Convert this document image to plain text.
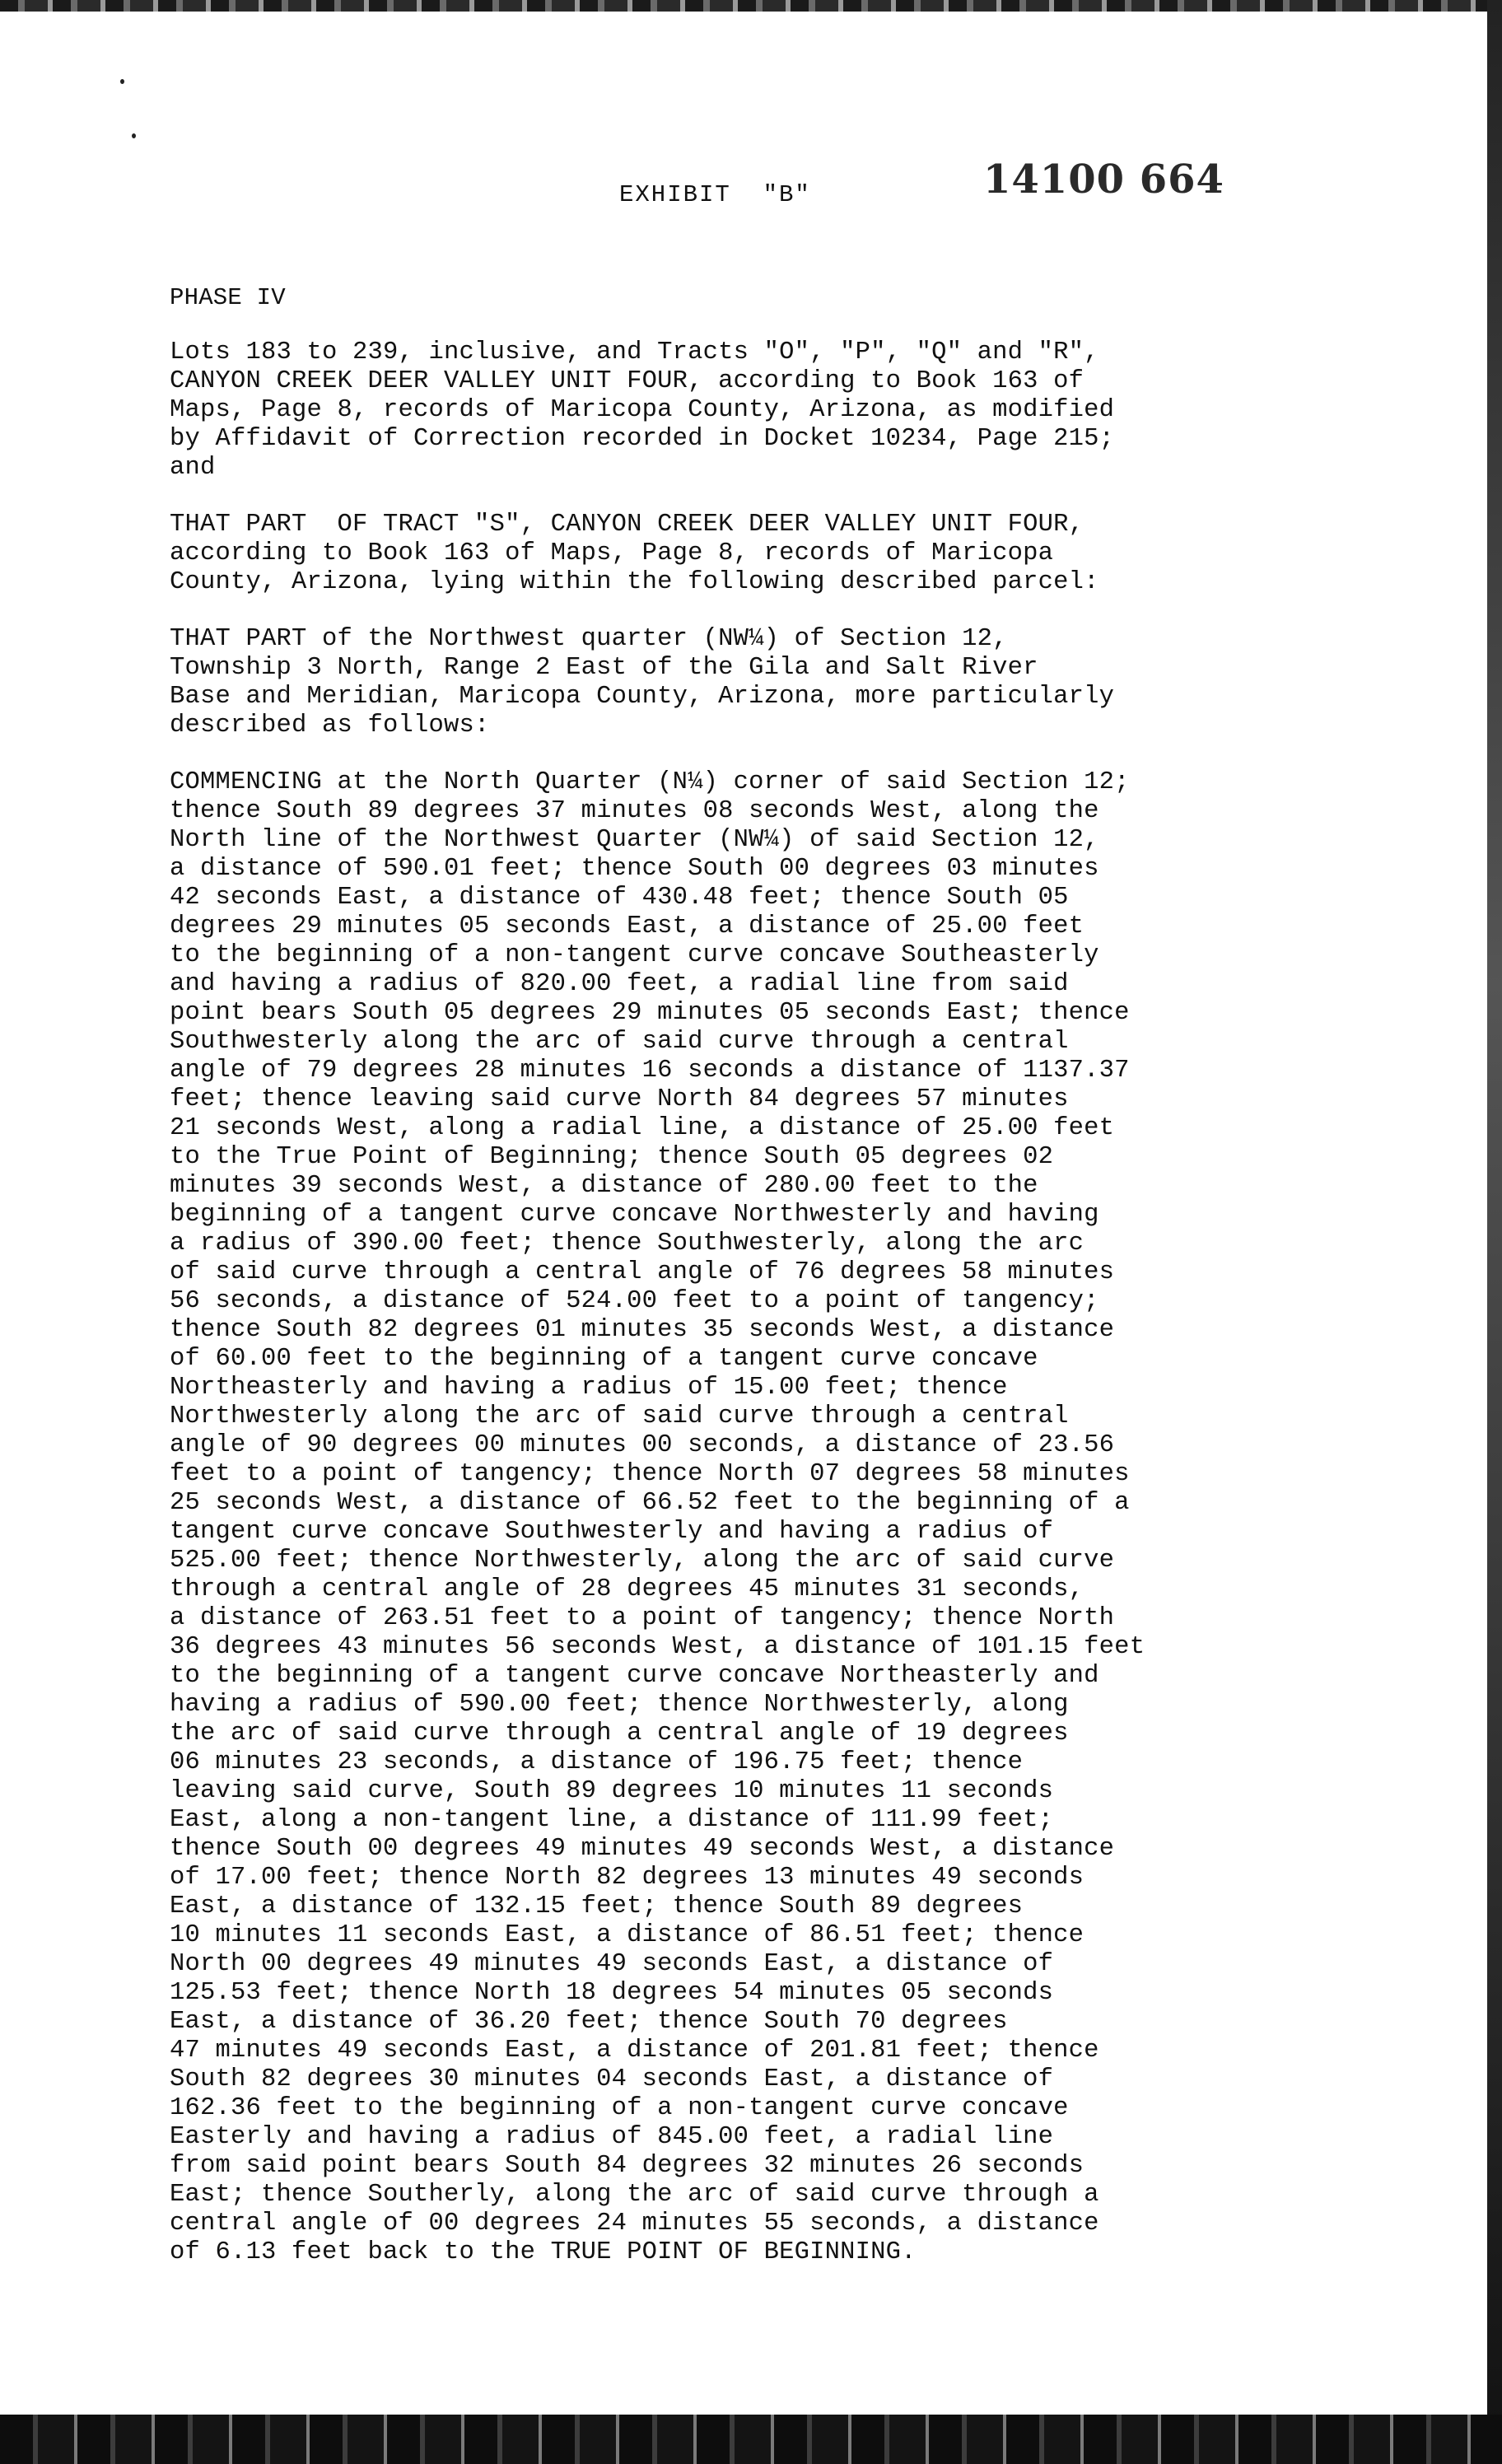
EXHIBIT  "B"	14100 664

PHASE IV

Lots 183 to 239, inclusive, and Tracts "O", "P", "Q" and "R",

CANYON CREEK DEER VALLEY UNIT FOUR, according to Book 163 of

Maps, Page 8, records of Maricopa County, Arizona, as modified

by Affidavit of Correction recorded in Docket 10234, Page 215;

and

THAT PART  OF TRACT "S", CANYON CREEK DEER VALLEY UNIT FOUR,

according to Book 163 of Maps, Page 8, records of Maricopa

County, Arizona, lying within the following described parcel:

THAT PART of the Northwest quarter (NW¼) of Section 12,

Township 3 North, Range 2 East of the Gila and Salt River

Base and Meridian, Maricopa County, Arizona, more particularly

described as follows:

COMMENCING at the North Quarter (N¼) corner of said Section 12;

thence South 89 degrees 37 minutes 08 seconds West, along the

North line of the Northwest Quarter (NW¼) of said Section 12,

a distance of 590.01 feet; thence South 00 degrees 03 minutes

42 seconds East, a distance of 430.48 feet; thence South 05

degrees 29 minutes 05 seconds East, a distance of 25.00 feet

to the beginning of a non-tangent curve concave Southeasterly

and having a radius of 820.00 feet, a radial line from said

point bears South 05 degrees 29 minutes 05 seconds East; thence

Southwesterly along the arc of said curve through a central

angle of 79 degrees 28 minutes 16 seconds a distance of 1137.37

feet; thence leaving said curve North 84 degrees 57 minutes

21 seconds West, along a radial line, a distance of 25.00 feet

to the True Point of Beginning; thence South 05 degrees 02

minutes 39 seconds West, a distance of 280.00 feet to the

beginning of a tangent curve concave Northwesterly and having

a radius of 390.00 feet; thence Southwesterly, along the arc

of said curve through a central angle of 76 degrees 58 minutes

56 seconds, a distance of 524.00 feet to a point of tangency;

thence South 82 degrees 01 minutes 35 seconds West, a distance

of 60.00 feet to the beginning of a tangent curve concave

Northeasterly and having a radius of 15.00 feet; thence

Northwesterly along the arc of said curve through a central

angle of 90 degrees 00 minutes 00 seconds, a distance of 23.56

feet to a point of tangency; thence North 07 degrees 58 minutes

25 seconds West, a distance of 66.52 feet to the beginning of a

tangent curve concave Southwesterly and having a radius of

525.00 feet; thence Northwesterly, along the arc of said curve

through a central angle of 28 degrees 45 minutes 31 seconds,

a distance of 263.51 feet to a point of tangency; thence North

36 degrees 43 minutes 56 seconds West, a distance of 101.15 feet

to the beginning of a tangent curve concave Northeasterly and

having a radius of 590.00 feet; thence Northwesterly, along

the arc of said curve through a central angle of 19 degrees

06 minutes 23 seconds, a distance of 196.75 feet; thence

leaving said curve, South 89 degrees 10 minutes 11 seconds

East, along a non-tangent line, a distance of 111.99 feet;

thence South 00 degrees 49 minutes 49 seconds West, a distance

of 17.00 feet; thence North 82 degrees 13 minutes 49 seconds

East, a distance of 132.15 feet; thence South 89 degrees

10 minutes 11 seconds East, a distance of 86.51 feet; thence

North 00 degrees 49 minutes 49 seconds East, a distance of

125.53 feet; thence North 18 degrees 54 minutes 05 seconds

East, a distance of 36.20 feet; thence South 70 degrees

47 minutes 49 seconds East, a distance of 201.81 feet; thence

South 82 degrees 30 minutes 04 seconds East, a distance of

162.36 feet to the beginning of a non-tangent curve concave

Easterly and having a radius of 845.00 feet, a radial line

from said point bears South 84 degrees 32 minutes 26 seconds

East; thence Southerly, along the arc of said curve through a

central angle of 00 degrees 24 minutes 55 seconds, a distance

of 6.13 feet back to the TRUE POINT OF BEGINNING.
